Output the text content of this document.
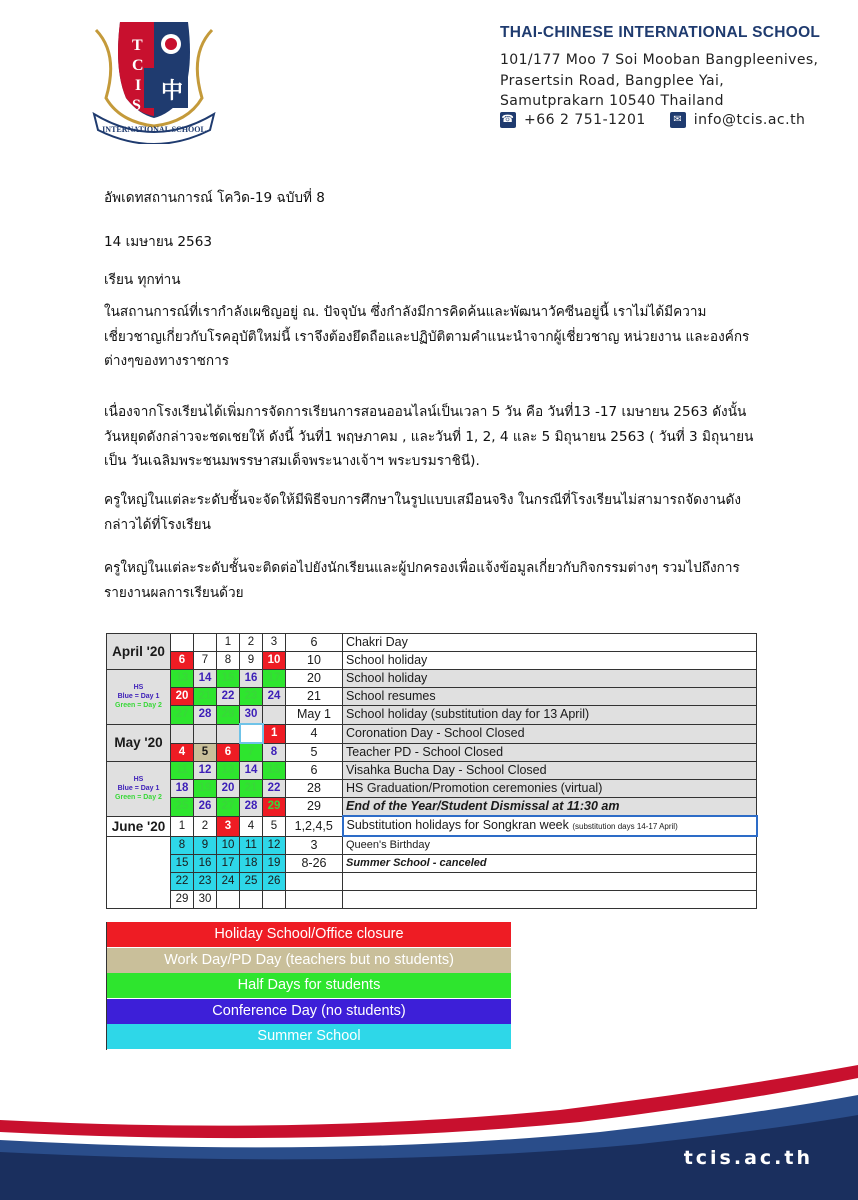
T
C
I
S
中
INTERNATIONAL SCHOOL
THAI-CHINESE INTERNATIONAL SCHOOL
101/177 Moo 7 Soi Mooban Bangpleenives,
Prasertsin Road, Bangplee Yai,
Samutprakarn 10540 Thailand
☎ +66 2 751-1201	✉ info@tcis.ac.th
อัพเดทสถานการณ์ โควิด-19 ฉบับที่ 8
14 เมษายน 2563
เรียน ทุกท่าน
ในสถานการณ์ที่เรากำลังเผชิญอยู่ ณ. ปัจจุบัน ซึ่งกำลังมีการคิดค้นและพัฒนาวัคซีนอยู่นี้ เราไม่ได้มีความเชี่ยวชาญเกี่ยวกับโรคอุบัติใหม่นี้ เราจึงต้องยึดถือและปฏิบัติตามคำแนะนำจากผู้เชี่ยวชาญ หน่วยงาน และองค์กรต่างๆของทางราชการ
เนื่องจากโรงเรียนได้เพิ่มการจัดการเรียนการสอนออนไลน์เป็นเวลา 5 วัน คือ วันที่13 -17 เมษายน 2563 ดังนั้นวันหยุดดังกล่าวจะชดเชยให้ ดังนี้ วันที่1 พฤษภาคม , และวันที่ 1, 2, 4 และ 5 มิถุนายน 2563 ( วันที่ 3 มิถุนายน เป็น วันเฉลิมพระชนมพรรษาสมเด็จพระนางเจ้าฯ พระบรมราชินี).
ครูใหญ่ในแต่ละระดับชั้นจะจัดให้มีพิธีจบการศึกษาในรูปแบบเสมือนจริง ในกรณีที่โรงเรียนไม่สามารถจัดงานดังกล่าวได้ที่โรงเรียน
ครูใหญ่ในแต่ละระดับชั้นจะติดต่อไปยังนักเรียนและผู้ปกครองเพื่อแจ้งข้อมูลเกี่ยวกับกิจกรรมต่างๆ รวมไปถึงการรายงานผลการเรียนด้วย
April '20			1	2	3	6	Chakri Day
	6	7	8	9	10	10	School holiday

HS
Blue = Day 1
Green = Day 2	13	14	15	16	17	20	School holiday
	20	21	22	23	24	21	School resumes
	27	28	29	30		May 1	School holiday (substitution day for 13 April)
May '20					1	4	Coronation Day - School Closed
	4	5	6	7	8	5	Teacher PD - School Closed

HS
Blue = Day 1
Green = Day 2	11	12	13	14	15	6	Visahka Bucha Day - School Closed
	18	19	20	21	22	28	HS Graduation/Promotion ceremonies (virtual)
	25	26	27	28	29	29	End of the Year/Student Dismissal at 11:30 am
June '20	1	2	3	4	5	1,2,4,5	Substitution holidays for Songkran week (substitution days 14-17 April)
	8	9	10	11	12	3	Queen's Birthday
	15	16	17	18	19	8-26	Summer School - canceled
	22	23	24	25	26		
	29	30					
Holiday School/Office closure
Work Day/PD Day (teachers but no students)
Half Days for students
Conference Day (no students)
Summer School
tcis.ac.th
